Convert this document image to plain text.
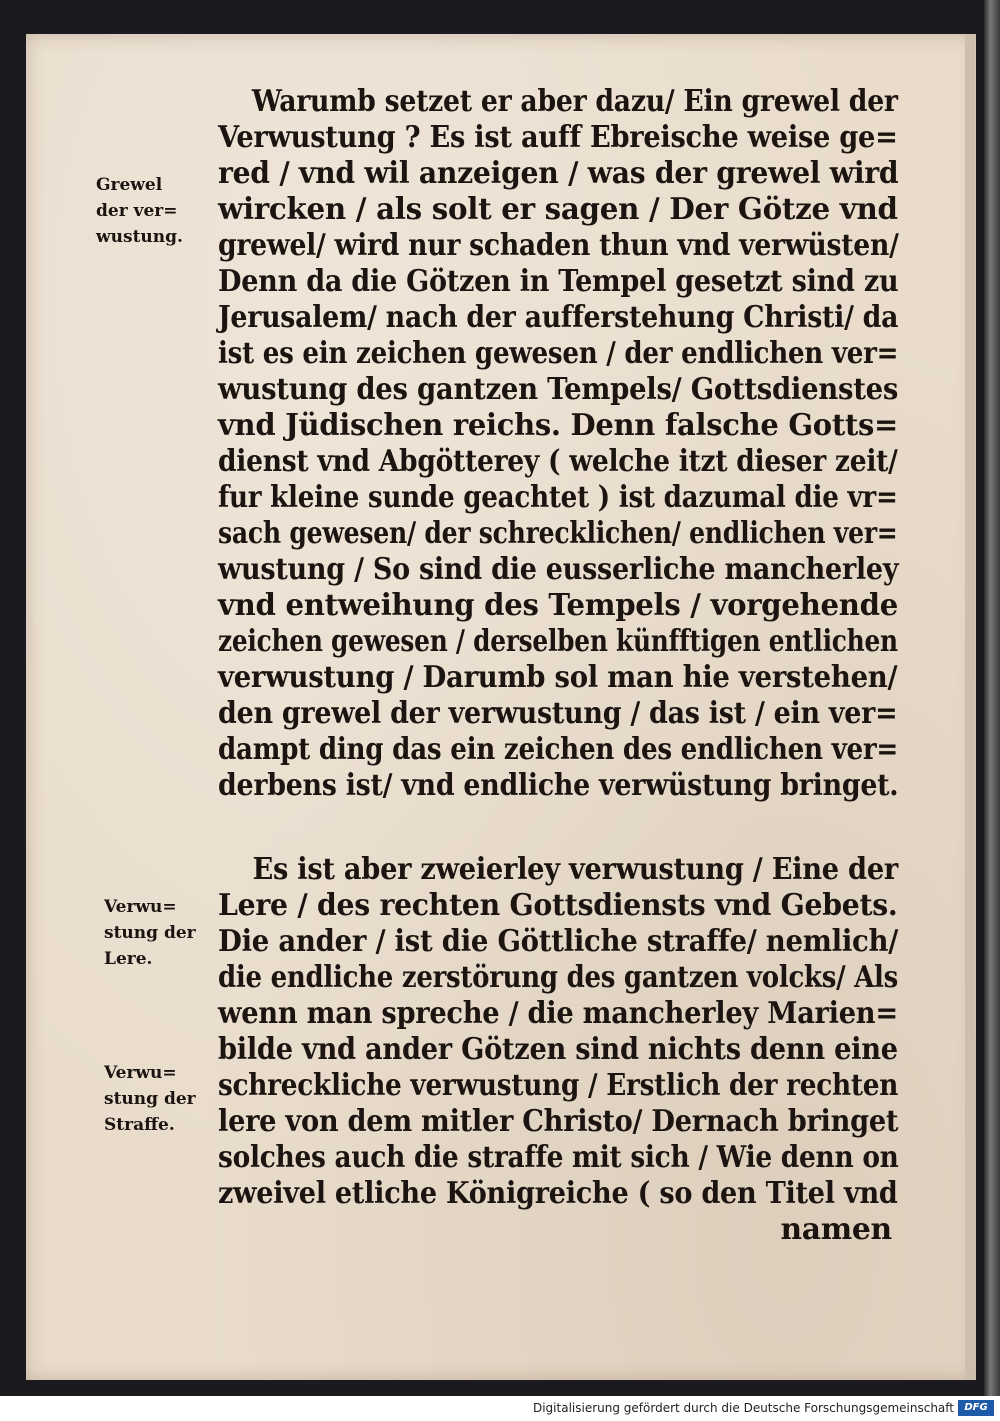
Grewel
der ver=
wustung.
Verwu=
stung der
Lere.
Verwu=
stung der
Straffe.
Warumb setzet er aber dazu/ Ein grewel der
Verwustung ? Es ist auff Ebreische weise ge=
red / vnd wil anzeigen / was der grewel wird
wircken / als solt er sagen / Der Götze vnd
grewel/ wird nur schaden thun vnd verwüsten/
Denn da die Götzen in Tempel gesetzt sind zu
Jerusalem/ nach der aufferstehung Christi/ da
ist es ein zeichen gewesen / der endlichen ver=
wustung des gantzen Tempels/ Gottsdienstes
vnd Jüdischen reichs. Denn falsche Gotts=
dienst vnd Abgötterey ( welche itzt dieser zeit/
fur kleine sunde geachtet ) ist dazumal die vr=
sach gewesen/ der schrecklichen/ endlichen ver=
wustung / So sind die eusserliche mancherley
vnd entweihung des Tempels / vorgehende
zeichen gewesen / derselben künfftigen entlichen
verwustung / Darumb sol man hie verstehen/
den grewel der verwustung / das ist / ein ver=
dampt ding das ein zeichen des endlichen ver=
derbens ist/ vnd endliche verwüstung bringet.
Es ist aber zweierley verwustung / Eine der
Lere / des rechten Gottsdiensts vnd Gebets.
Die ander / ist die Göttliche straffe/ nemlich/
die endliche zerstörung des gantzen volcks/ Als
wenn man spreche / die mancherley Marien=
bilde vnd ander Götzen sind nichts denn eine
schreckliche verwustung / Erstlich der rechten
lere von dem mitler Christo/ Dernach bringet
solches auch die straffe mit sich / Wie denn on
zweivel etliche Königreiche ( so den Titel vnd
namen
Digitalisierung gefördert durch die Deutsche Forschungsgemeinschaft	DFG
